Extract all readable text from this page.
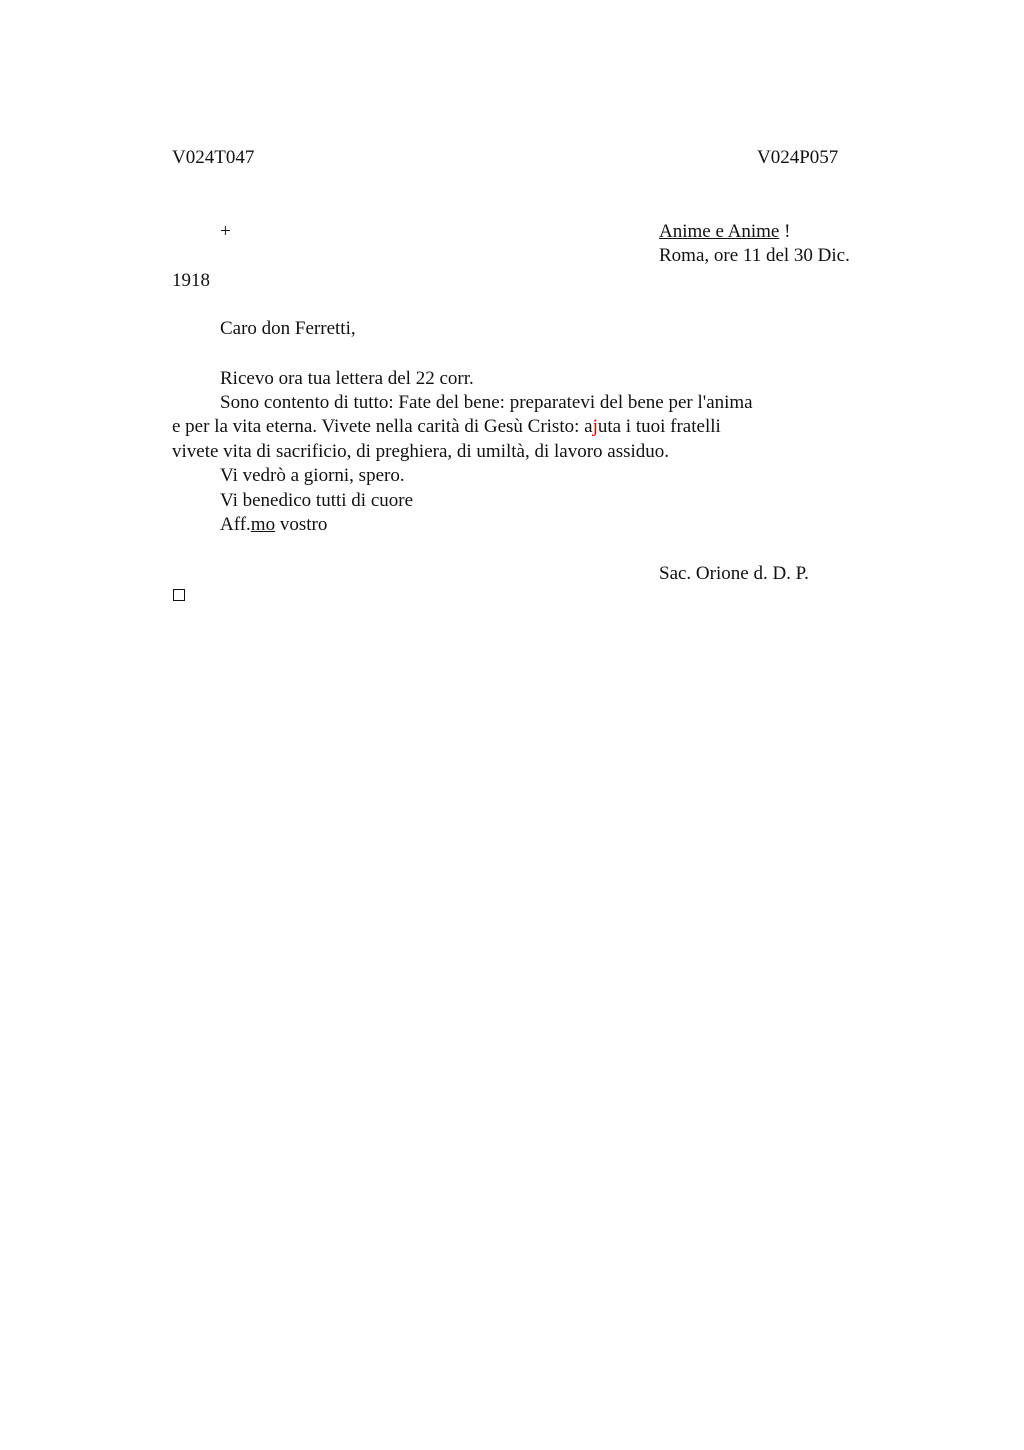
V024T047	V024P057
+	Anime e Anime !
Roma, ore 11 del 30 Dic.
1918
Caro don Ferretti,
Ricevo ora tua lettera del 22 corr.
Sono contento di tutto: Fate del bene: preparatevi del bene per l'anima
e per la vita eterna. Vivete nella carità di Gesù Cristo: ajuta i tuoi fratelli
vivete vita di sacrificio, di preghiera, di umiltà, di lavoro assiduo.
Vi vedrò a giorni, spero.
Vi benedico tutti di cuore
Aff.mo vostro
Sac. Orione d. D. P.
